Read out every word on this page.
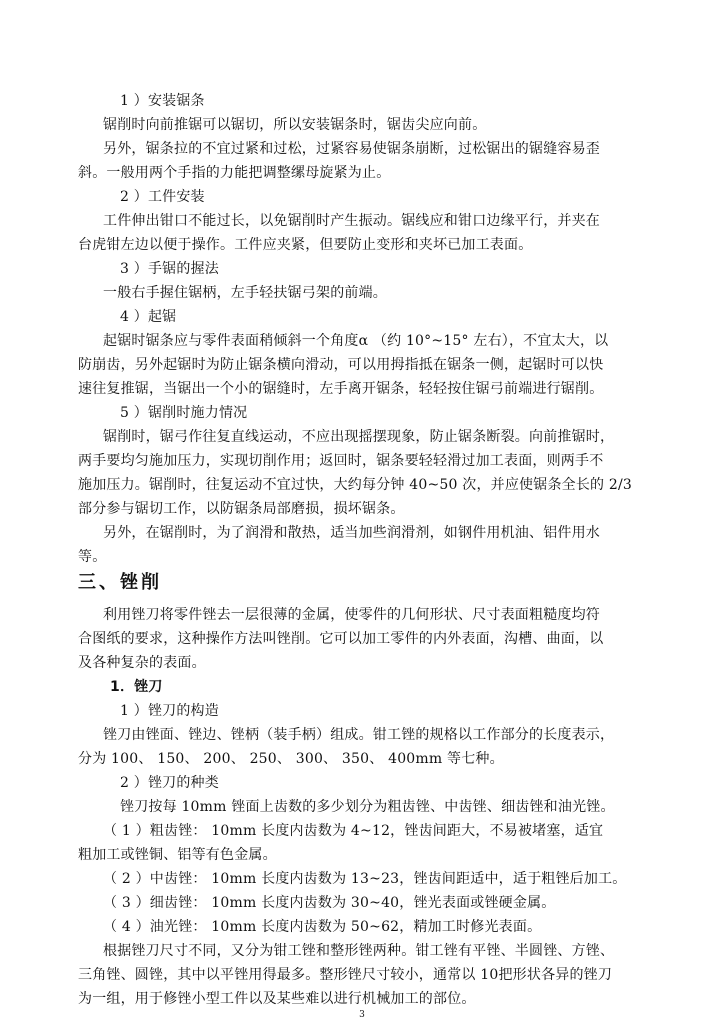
1 ）安装锯条

锯削时向前推锯可以锯切，所以安装锯条时，锯齿尖应向前。

另外，锯条拉的不宜过紧和过松，过紧容易使锯条崩断，过松锯出的锯缝容易歪

斜。一般用两个手指的力能把调整缧母旋紧为止。

2 ）工件安装

工件伸出钳口不能过长，以免锯削时产生振动。锯线应和钳口边缘平行，并夹在

台虎钳左边以便于操作。工件应夹紧，但要防止变形和夹坏已加工表面。

3 ）手锯的握法

一般右手握住锯柄，左手轻扶锯弓架的前端。

4 ）起锯

起锯时锯条应与零件表面稍倾斜一个角度α （约 10°~15° 左右），不宜太大，以

防崩齿，另外起锯时为防止锯条横向滑动，可以用拇指抵在锯条一侧，起锯时可以快

速往复推锯，当锯出一个小的锯缝时，左手离开锯条，轻轻按住锯弓前端进行锯削。

5 ）锯削时施力情况

锯削时，锯弓作往复直线运动，不应出现摇摆现象，防止锯条断裂。向前推锯时，

两手要均匀施加压力，实现切削作用；返回时，锯条要轻轻滑过加工表面，则两手不

施加压力。锯削时，往复运动不宜过快，大约每分钟 40~50 次，并应使锯条全长的 2/3

部分参与锯切工作，以防锯条局部磨损，损坏锯条。

另外，在锯削时，为了润滑和散热，适当加些润滑剂，如钢件用机油、铝件用水

等。

三、锉削

利用锉刀将零件锉去一层很薄的金属，使零件的几何形状、尺寸表面粗糙度均符

合图纸的要求，这种操作方法叫锉削。它可以加工零件的内外表面，沟槽、曲面，以

及各种复杂的表面。

1．锉刀

1 ）锉刀的构造

锉刀由锉面、锉边、锉柄（装手柄）组成。钳工锉的规格以工作部分的长度表示，

分为 100、 150、 200、 250、 300、 350、 400mm 等七种。

2 ）锉刀的种类

锉刀按每 10mm 锉面上齿数的多少划分为粗齿锉、中齿锉、细齿锉和油光锉。

（ 1 ）粗齿锉： 10mm 长度内齿数为 4~12，锉齿间距大，不易被堵塞，适宜

粗加工或锉铜、铝等有色金属。

（ 2 ）中齿锉： 10mm 长度内齿数为 13~23，锉齿间距适中，适于粗锉后加工。

（ 3 ）细齿锉： 10mm 长度内齿数为 30~40，锉光表面或锉硬金属。

（ 4 ）油光锉： 10mm 长度内齿数为 50~62，精加工时修光表面。

根据锉刀尺寸不同，又分为钳工锉和整形锉两种。钳工锉有平锉、半圆锉、方锉、

三角锉、圆锉，其中以平锉用得最多。整形锉尺寸较小，通常以 10把形状各异的锉刀

为一组，用于修锉小型工件以及某些难以进行机械加工的部位。

3
